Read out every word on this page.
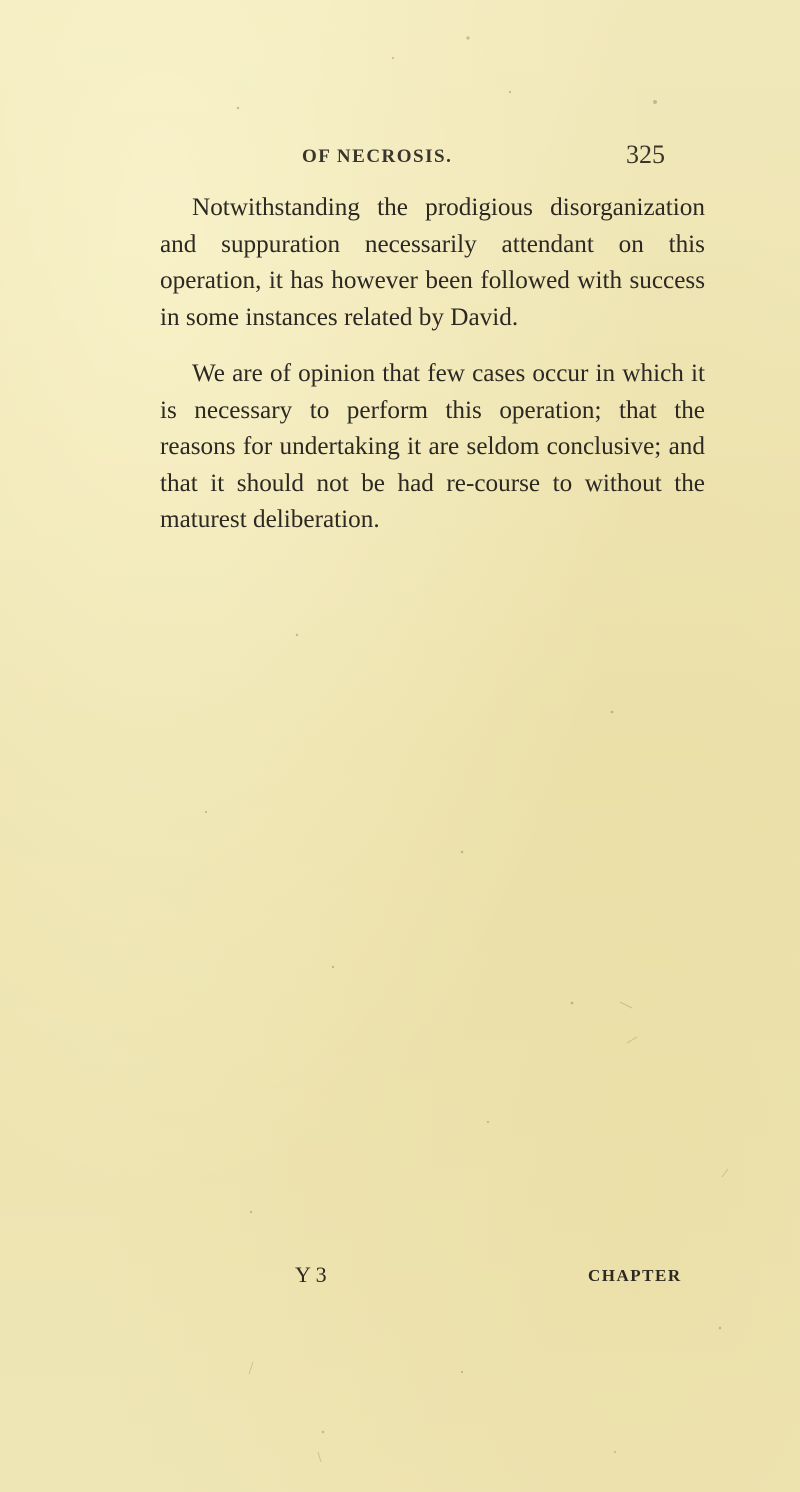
OF NECROSIS.	325

Notwithstanding the prodigious disorganization and suppuration necessarily attendant on this operation, it has however been followed with success in some instances related by David.

We are of opinion that few cases occur in which it is necessary to perform this operation; that the reasons for undertaking it are seldom conclusive; and that it should not be had re-course to without the maturest deliberation.

Y 3	CHAPTER
